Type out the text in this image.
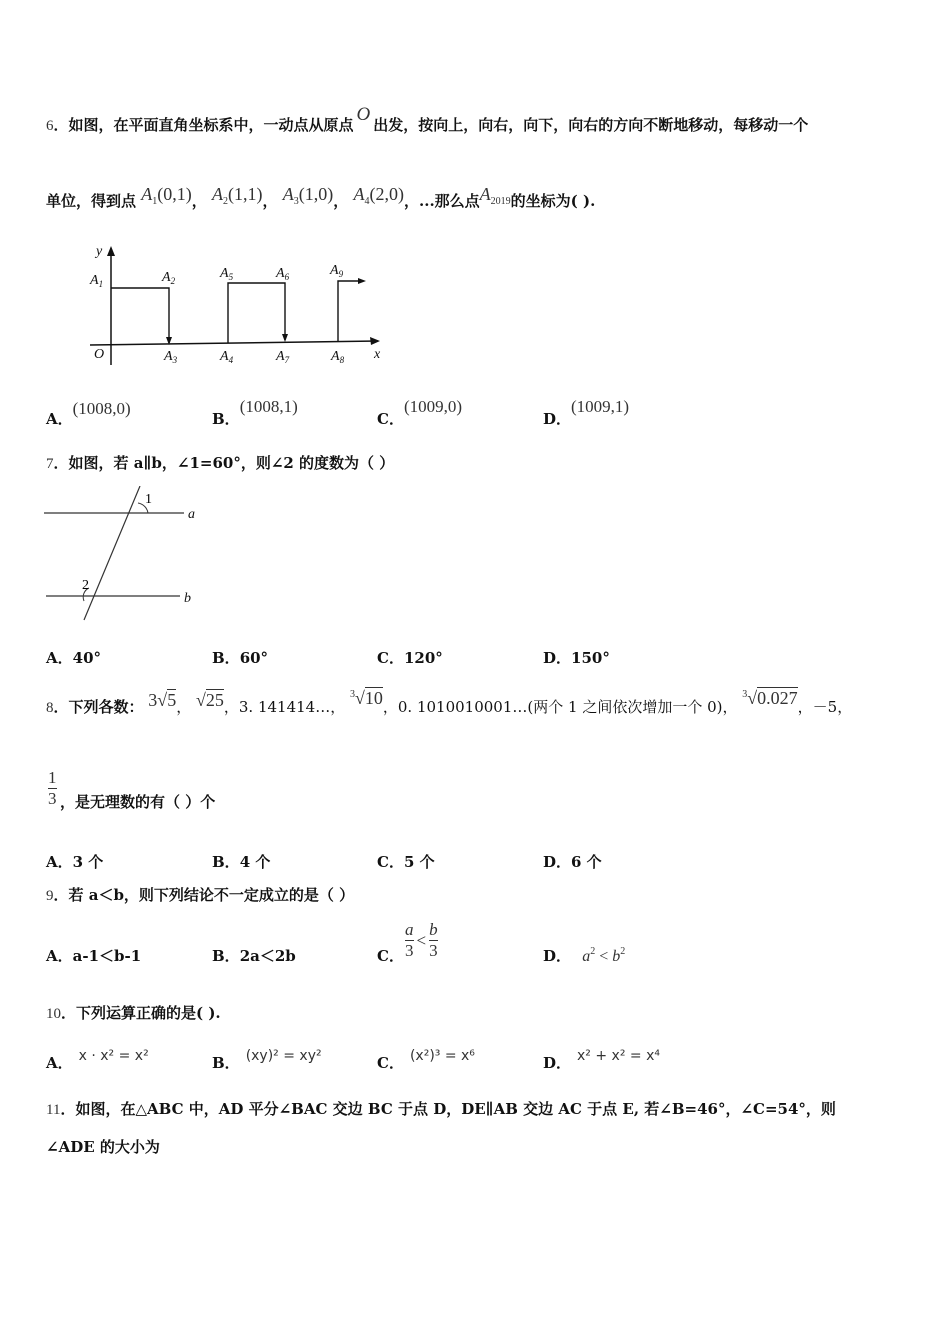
6．如图，在平面直角坐标系中，一动点从原点 O 出发，按向上，向右，向下，向右的方向不断地移动，每移动一个
单位，得到点 $A_1(0,1)$， $A_2(1,1)$， $A_3(1,0)$， $A_4(2,0)$，...那么点$A_{2019}$的坐标为( ).
y
x
O
$A_1$	$A_2$
$A_3$	$A_4$
$A_5$	$A_6$
$A_7$	$A_8$
$A_9$
A．(1008,0)
B．(1008,1)
C．(1009,0)
D．(1009,1)
7．如图，若 a∥b，∠1=60°，则∠2 的度数为（ ）
a
b
1
2
A．40°	B．60°	C．120°	D．150°
8．下列各数： 3√5， √25，3. 141414…， $^3$√10，0. 1010010001…(两个 1 之间依次增加一个 0)， $^3$√0.027，－5，
$\frac{1}{3}$ ，是无理数的有（ ）个
A．3 个	B．4 个	C．5 个	D．6 个
9．若 a＜b，则下列结论不一定成立的是（ ）
A．a-1＜b-1	B．2a＜2b	C． $\frac{a}{3} < \frac{b}{3}$	D． $a^2 < b^2$
10．下列运算正确的是( ).
A． x · x² = x²	B． (xy)² = xy²	C． (x²)³ = x⁶	D． x² + x² = x⁴
11．如图，在△ABC 中，AD 平分∠BAC 交边 BC 于点 D，DE∥AB 交边 AC 于点 E, 若∠B=46°，∠C=54°，则
∠ADE 的大小为
